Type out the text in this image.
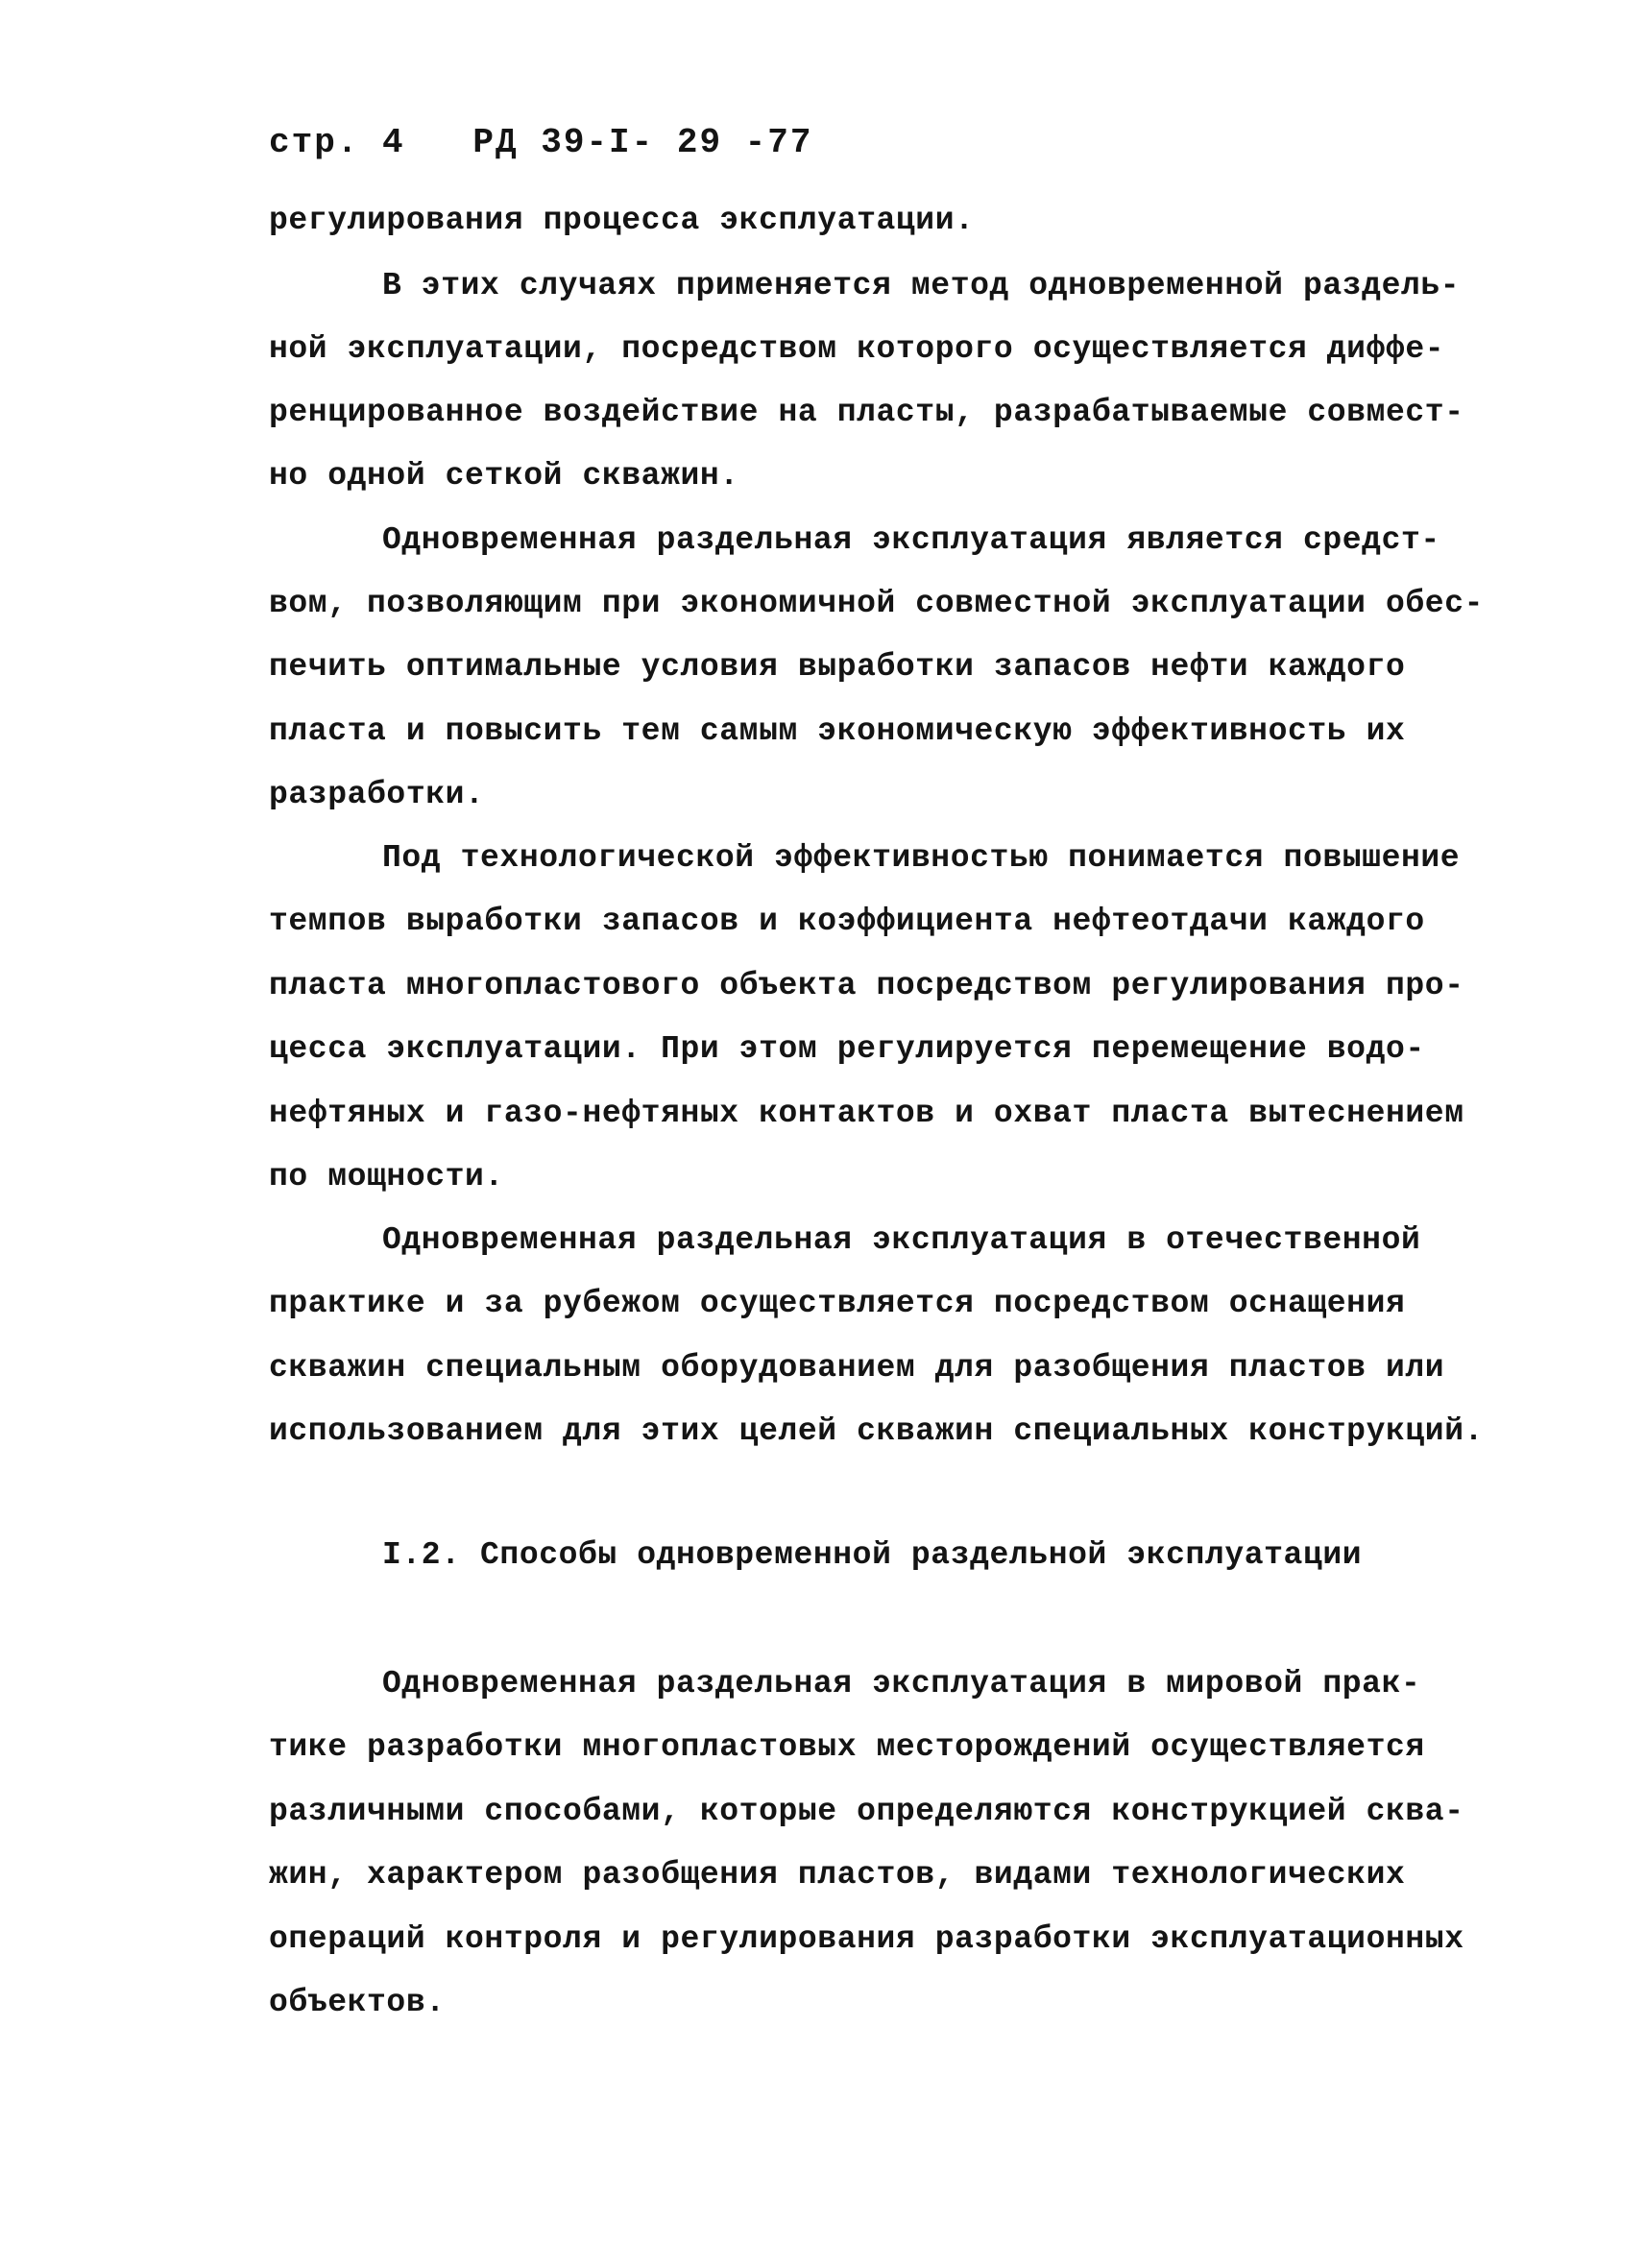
стр. 4   РД 39-I- 29 -77
регулирования процесса эксплуатации.
В этих случаях применяется метод одновременной раздель-
ной эксплуатации, посредством которого осуществляется диффе-
ренцированное воздействие на пласты, разрабатываемые совмест-
но одной сеткой скважин.
Одновременная раздельная эксплуатация является средст-
вом, позволяющим при экономичной совместной эксплуатации обес-
печить оптимальные условия выработки запасов нефти каждого
пласта и повысить тем самым экономическую эффективность их
разработки.
Под технологической эффективностью понимается повышение
темпов выработки запасов и коэффициента нефтеотдачи каждого
пласта многопластового объекта посредством регулирования про-
цесса эксплуатации. При этом регулируется перемещение водо-
нефтяных и газо-нефтяных контактов и охват пласта вытеснением
по мощности.
Одновременная раздельная эксплуатация в отечественной
практике и за рубежом осуществляется посредством оснащения
скважин специальным оборудованием для разобщения пластов или
использованием для этих целей скважин специальных конструкций.
I.2. Способы одновременной раздельной эксплуатации
Одновременная раздельная эксплуатация в мировой прак-
тике разработки многопластовых месторождений осуществляется
различными способами, которые определяются конструкцией сква-
жин, характером разобщения пластов, видами технологических
операций контроля и регулирования разработки эксплуатационных
объектов.
